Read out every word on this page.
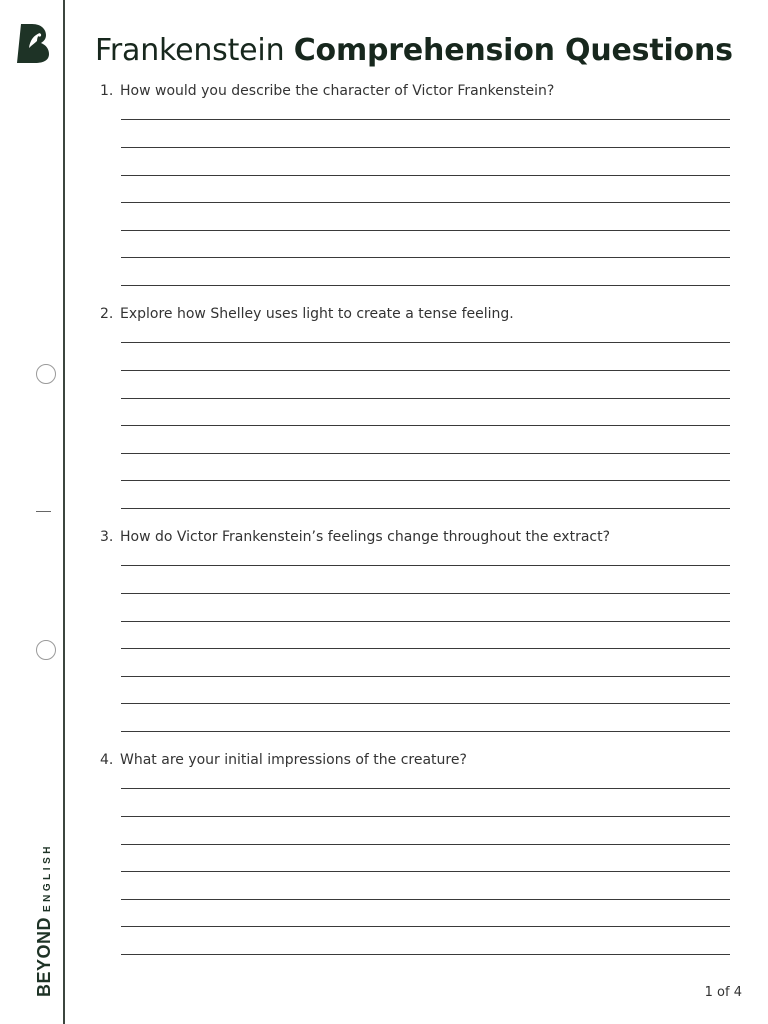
BEYOND
ENGLISH
Frankenstein Comprehension Questions

1. How would you describe the character of Victor Frankenstein?

2. Explore how Shelley uses light to create a tense feeling.

3. How do Victor Frankenstein’s feelings change throughout the extract?

4. What are your initial impressions of the creature?

1 of 4
